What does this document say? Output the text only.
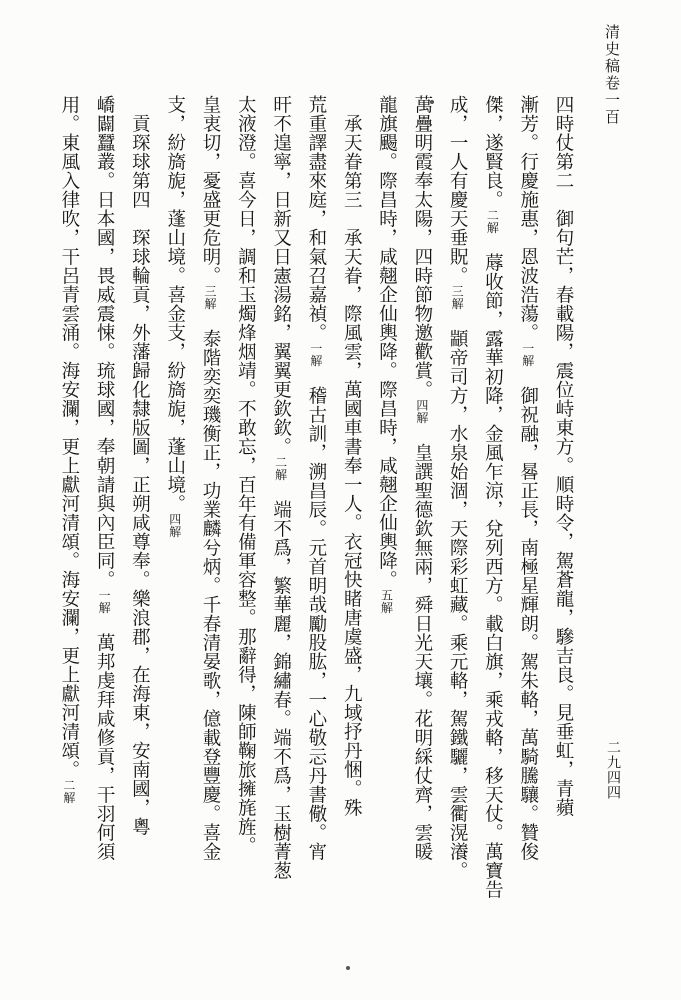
清史稿卷一百
二九四四
四時仗第二　御句芒，春載陽，震位峙東方。順時令，駕蒼龍，驂吉良。見垂虹，青蘋
漸芳。行慶施惠，恩波浩蕩。一解　御祝融，晷正長，南極星輝朗。駕朱輅，萬騎騰驤。贊俊
傑，遂賢良。二解　蓐收節，露華初降，金風乍涼，兌列西方。載白旗，乘戎輅，移天仗。萬寶告
成，一人有慶天垂貺。三解　顓帝司方，水泉始涸，天際彩虹藏。乘元輅，駕鐵驪，雲衢滉瀁。
萬疊明霞奉太陽，四時節物邀歡賞。四解　皇譔聖德欽無兩，舜日光天壤。花明綵仗齊，雲暖
龍旗颺。際昌時，咸翹企仙輿降。際昌時，咸翹企仙輿降。五解
承天眷第三　承天眷，際風雲，萬國車書奉一人。衣冠快睹唐虞盛，九域抒丹悃。殊
荒重譯盡來庭，和氣召嘉禎。一解　稽古訓，溯昌辰。元首明哉勵股肱，一心敬忈丹書儆。宵
旰不遑寧，日新又日憲湯銘，翼翼更欽欽。二解　端不爲，繁華麗，錦繡春。端不爲，玉樹菁葱
太液澄。喜今日，調和玉燭烽烟靖。不敢忘，百年有備軍容整。那辭得，陳師鞠旅擁旄旌。
皇衷切，憂盛更危明。三解　泰階奕奕璣衡正，功業麟兮炳。千春清晏歌，億載登豐慶。喜金
支，紛旖旎，蓬山境。喜金支，紛旖旎，蓬山境。四解
貢琛球第四　琛球輪貢，外藩歸化隸版圖，正朔咸尊奉。樂浪郡，在海東，安南國，粵
嶠闢蠶叢。日本國，畏威震悚。琉球國，奉朝請與內臣同。一解　萬邦虔拜咸修貢，干羽何須
用。東風入律吹，干呂青雲涌。海安瀾，更上獻河清頌。海安瀾，更上獻河清頌。二解
